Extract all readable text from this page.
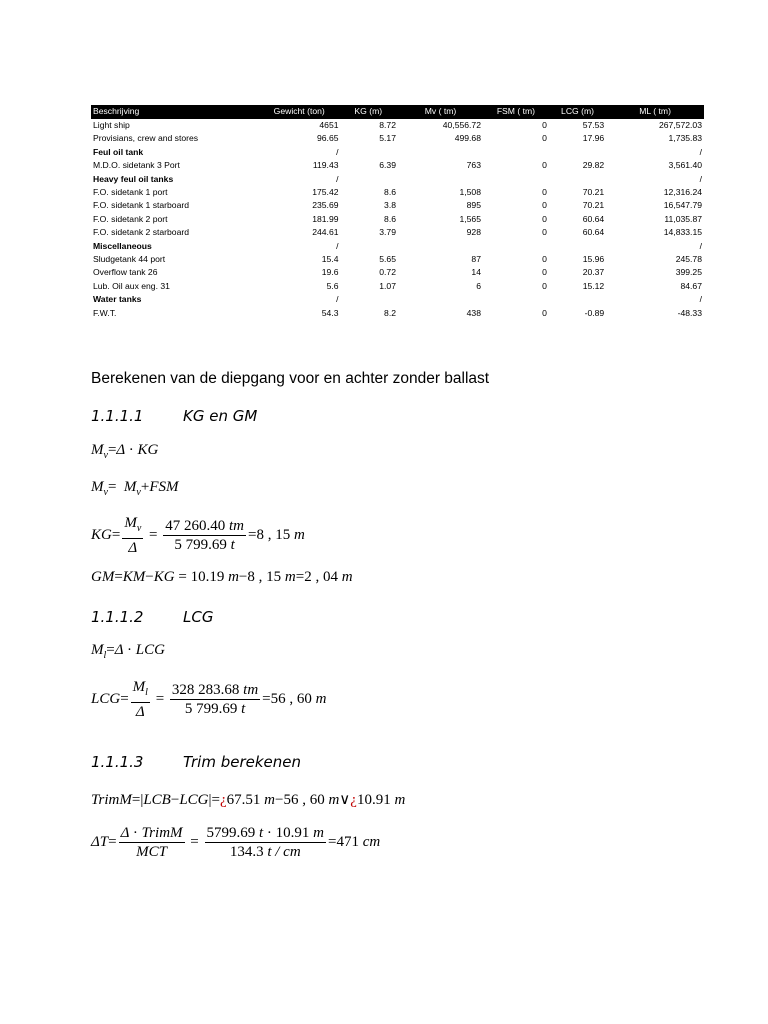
Beschrijving	Gewicht (ton)	KG (m)	Mv ( tm)	FSM ( tm)	LCG (m)	ML ( tm)
Light ship	4651	8.72	40,556.72	0	57.53	267,572.03
Provisians, crew and stores	96.65	5.17	499.68	0	17.96	1,735.83
Feul oil tank	/					/
M.D.O. sidetank 3 Port	119.43	6.39	763	0	29.82	3,561.40
Heavy feul oil tanks	/					/
F.O. sidetank 1 port	175.42	8.6	1,508	0	70.21	12,316.24
F.O. sidetank 1 starboard	235.69	3.8	895	0	70.21	16,547.79
F.O. sidetank 2 port	181.99	8.6	1,565	0	60.64	11,035.87
F.O. sidetank 2 starboard	244.61	3.79	928	0	60.64	14,833.15
Miscellaneous	/					/
Sludgetank 44 port	15.4	5.65	87	0	15.96	245.78
Overflow tank 26	19.6	0.72	14	0	20.37	399.25
Lub. Oil aux eng. 31	5.6	1.07	6	0	15.12	84.67
Water tanks	/					/
F.W.T.	54.3	8.2	438	0	-0.89	-48.33
Berekenen van de diepgang voor en achter zonder ballast
1.1.1.1	KG en GM
$M_v=\Delta$ · KG
$M_v= M_v+FSM$
$KG= \frac{M_v}{\Delta} = \frac{47 260.40 tm}{5 799.69 t} =8$ , 15 m
GM=KM−KG = 10.19 m−8 , 15 m=2 , 04 m
1.1.1.2	LCG
$M_l=\Delta$ · LCG
$LCG= \frac{M_l}{\Delta} = \frac{328 283.68 tm}{5 799.69 t} =56$ , 60 m
1.1.1.3	Trim berekenen
TrimM=|LCB−LCG|=¿67.51 m−56 , 60 m∨¿10.91 m
$\Delta T= \frac{\text{Δ · TrimM}}{\text{MCT}} = \frac{5799.69 t \cdot 10.91 m}{134.3 t / cm} =471$ cm
